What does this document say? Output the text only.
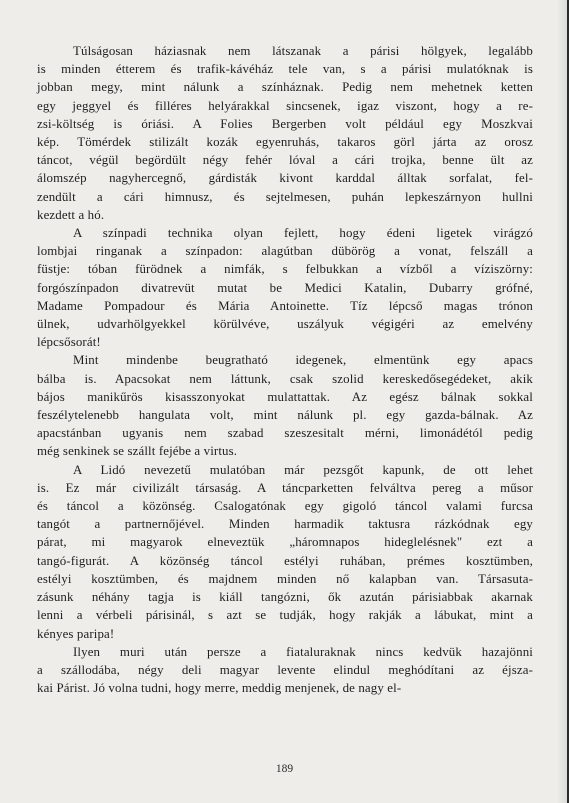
Túlságosan háziasnak nem látszanak a párisi hölgyek, legalább
is minden étterem és trafik-kávéház tele van, s a párisi mulatóknak is
jobban megy, mint nálunk a színháznak. Pedig nem mehetnek ketten
egy jeggyel és filléres helyárakkal sincsenek, igaz viszont, hogy a re-
zsi-költség is óriási. A Folies Bergerben volt például egy Moszkvai
kép. Tömérdek stilizált kozák egyenruhás, takaros görl járta az orosz
táncot, végül begördült négy fehér lóval a cári trojka, benne ült az
álomszép nagyhercegnő, gárdisták kivont karddal álltak sorfalat, fel-
zendült a cári himnusz, és sejtelmesen, puhán lepkeszárnyon hullni
kezdett a hó.
A színpadi technika olyan fejlett, hogy édeni ligetek virágzó
lombjai ringanak a színpadon: alagútban dübörög a vonat, felszáll a
füstje: tóban fürödnek a nimfák, s felbukkan a vízből a víziszörny:
forgószínpadon divatrevüt mutat be Medici Katalin, Dubarry grófné,
Madame Pompadour és Mária Antoinette. Tíz lépcső magas trónon
ülnek, udvarhölgyekkel körülvéve, uszályuk végigéri az emelvény
lépcsősorát!
Mint mindenbe beugratható idegenek, elmentünk egy apacs
bálba is. Apacsokat nem láttunk, csak szolid kereskedősegédeket, akik
bájos manikűrös kisasszonyokat mulattattak. Az egész bálnak sokkal
feszélytelenebb hangulata volt, mint nálunk pl. egy gazda-bálnak. Az
apacstánban ugyanis nem szabad szeszesitalt mérni, limonádétól pedig
még senkinek se szállt fejébe a virtus.
A Lidó nevezetű mulatóban már pezsgőt kapunk, de ott lehet
is. Ez már civilizált társaság. A táncparketten felváltva pereg a műsor
és táncol a közönség. Csalogatónak egy gigoló táncol valami furcsa
tangót a partnernőjével. Minden harmadik taktusra rázkódnak egy
párat, mi magyarok elneveztük „háromnapos hideglelésnek" ezt a
tangó-figurát. A közönség táncol estélyi ruhában, prémes kosztümben,
estélyi kosztümben, és majdnem minden nő kalapban van. Társasuta-
zásunk néhány tagja is kiáll tangózni, ők azután párisiabbak akarnak
lenni a vérbeli párisinál, s azt se tudják, hogy rakják a lábukat, mint a
kényes paripa!
Ilyen muri után persze a fiataluraknak nincs kedvük hazajönni
a szállodába, négy deli magyar levente elindul meghódítani az éjsza-
kai Párist. Jó volna tudni, hogy merre, meddig menjenek, de nagy el-
189
